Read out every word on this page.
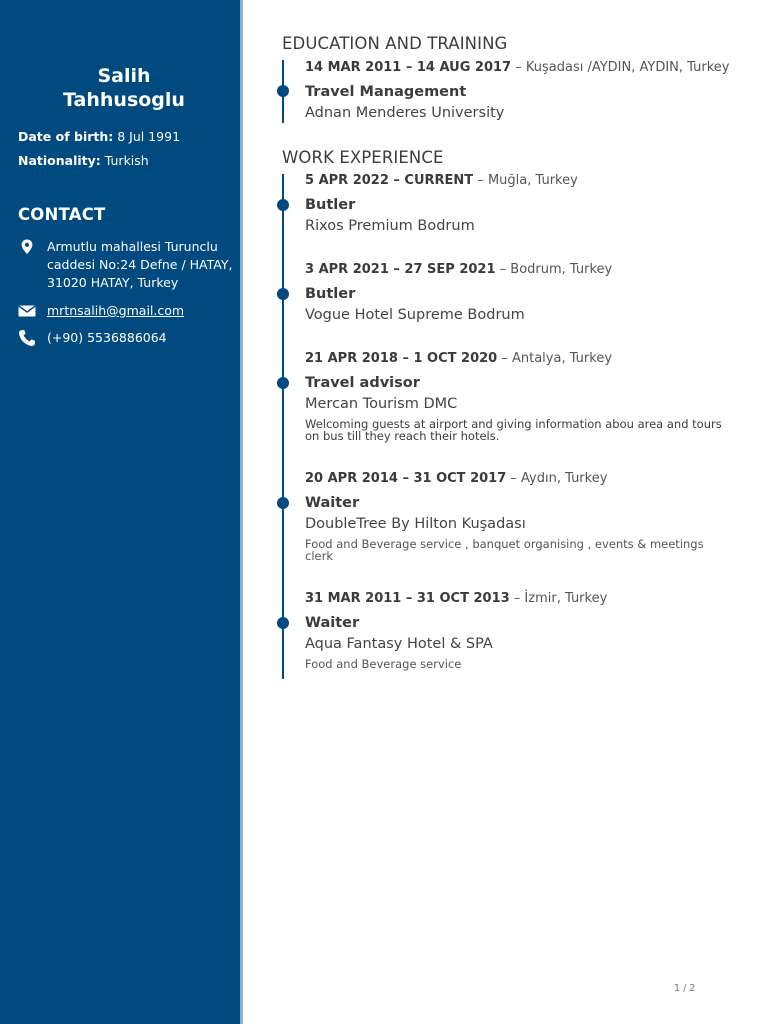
Salih
Tahhusoglu
Date of birth: 8 Jul 1991
Nationality: Turkish
CONTACT
Armutlu mahallesi Turunclu caddesi No:24 Defne / HATAY, 31020 HATAY, Turkey
mrtnsalih@gmail.com
(+90) 5536886064
EDUCATION AND TRAINING
14 MAR 2011 – 14 AUG 2017 – Kuşadası /AYDIN, AYDIN, Turkey
Travel Management
Adnan Menderes University
WORK EXPERIENCE
5 APR 2022 – CURRENT – Muğla, Turkey
Butler
Rixos Premium Bodrum
3 APR 2021 – 27 SEP 2021 – Bodrum, Turkey
Butler
Vogue Hotel Supreme Bodrum
21 APR 2018 – 1 OCT 2020 – Antalya, Turkey
Travel advisor
Mercan Tourism DMC
Welcoming guests at airport and giving information abou area and tours on bus till they reach their hotels.
20 APR 2014 – 31 OCT 2017 – Aydın, Turkey
Waiter
DoubleTree By Hilton Kuşadası
Food and Beverage service , banquet organising , events & meetings clerk
31 MAR 2011 – 31 OCT 2013 – İzmir, Turkey
Waiter
Aqua Fantasy Hotel & SPA
Food and Beverage service
1 / 2
